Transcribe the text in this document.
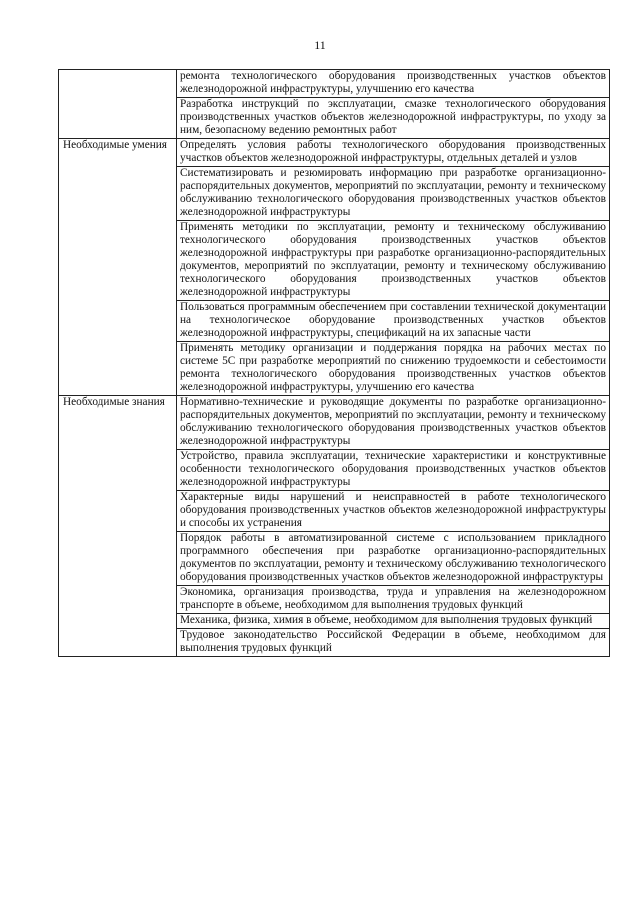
11
	ремонта технологического оборудования производственных участков объектов железнодорожной инфраструктуры, улучшению его качества
	Разработка инструкций по эксплуатации, смазке технологического оборудования производственных участков объектов железнодорожной инфраструктуры, по уходу за ним, безопасному ведению ремонтных работ
Необходимые умения	Определять условия работы технологического оборудования производственных участков объектов железнодорожной инфраструктуры, отдельных деталей и узлов
	Систематизировать и резюмировать информацию при разработке организационно-распорядительных документов, мероприятий по эксплуатации, ремонту и техническому обслуживанию технологического оборудования производственных участков объектов железнодорожной инфраструктуры
	Применять методики по эксплуатации, ремонту и техническому обслуживанию технологического оборудования производственных участков объектов железнодорожной инфраструктуры при разработке организационно-распорядительных документов, мероприятий по эксплуатации, ремонту и техническому обслуживанию технологического оборудования производственных участков объектов железнодорожной инфраструктуры
	Пользоваться программным обеспечением при составлении технической документации на технологическое оборудование производственных участков объектов железнодорожной инфраструктуры, спецификаций на их запасные части
	Применять методику организации и поддержания порядка на рабочих местах по системе 5С при разработке мероприятий по снижению трудоемкости и себестоимости ремонта технологического оборудования производственных участков объектов железнодорожной инфраструктуры, улучшению его качества
Необходимые знания	Нормативно-технические и руководящие документы по разработке организационно-распорядительных документов, мероприятий по эксплуатации, ремонту и техническому обслуживанию технологического оборудования производственных участков объектов железнодорожной инфраструктуры
	Устройство, правила эксплуатации, технические характеристики и конструктивные особенности технологического оборудования производственных участков объектов железнодорожной инфраструктуры
	Характерные виды нарушений и неисправностей в работе технологического оборудования производственных участков объектов железнодорожной инфраструктуры и способы их устранения
	Порядок работы в автоматизированной системе с использованием прикладного программного обеспечения при разработке организационно-распорядительных документов по эксплуатации, ремонту и техническому обслуживанию технологического оборудования производственных участков объектов железнодорожной инфраструктуры
	Экономика, организация производства, труда и управления на железнодорожном транспорте в объеме, необходимом для выполнения трудовых функций
	Механика, физика, химия в объеме, необходимом для выполнения трудовых функций
	Трудовое законодательство Российской Федерации в объеме, необходимом для выполнения трудовых функций
